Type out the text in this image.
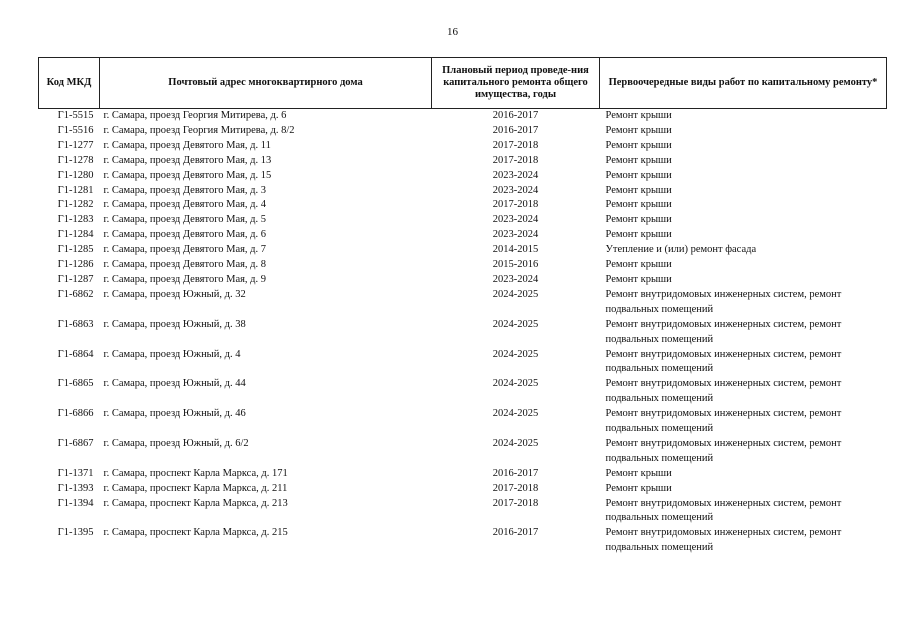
16
Код МКД	Почтовый адрес многоквартирного дома	Плановый период проведе-ния капитального ремонта общего имущества, годы	Первоочередные виды работ по капитальному ремонту*
Г1-5515	г. Самара, проезд Георгия Митирева, д. 6	2016-2017	Ремонт крыши
Г1-5516	г. Самара, проезд Георгия Митирева, д. 8/2	2016-2017	Ремонт крыши
Г1-1277	г. Самара, проезд Девятого Мая, д. 11	2017-2018	Ремонт крыши
Г1-1278	г. Самара, проезд Девятого Мая, д. 13	2017-2018	Ремонт крыши
Г1-1280	г. Самара, проезд Девятого Мая, д. 15	2023-2024	Ремонт крыши
Г1-1281	г. Самара, проезд Девятого Мая, д. 3	2023-2024	Ремонт крыши
Г1-1282	г. Самара, проезд Девятого Мая, д. 4	2017-2018	Ремонт крыши
Г1-1283	г. Самара, проезд Девятого Мая, д. 5	2023-2024	Ремонт крыши
Г1-1284	г. Самара, проезд Девятого Мая, д. 6	2023-2024	Ремонт крыши
Г1-1285	г. Самара, проезд Девятого Мая, д. 7	2014-2015	Утепление и (или) ремонт фасада
Г1-1286	г. Самара, проезд Девятого Мая, д. 8	2015-2016	Ремонт крыши
Г1-1287	г. Самара, проезд Девятого Мая, д. 9	2023-2024	Ремонт крыши
Г1-6862	г. Самара, проезд Южный, д. 32	2024-2025	Ремонт внутридомовых инженерных систем, ремонт подвальных помещений
Г1-6863	г. Самара, проезд Южный, д. 38	2024-2025	Ремонт внутридомовых инженерных систем, ремонт подвальных помещений
Г1-6864	г. Самара, проезд Южный, д. 4	2024-2025	Ремонт внутридомовых инженерных систем, ремонт подвальных помещений
Г1-6865	г. Самара, проезд Южный, д. 44	2024-2025	Ремонт внутридомовых инженерных систем, ремонт подвальных помещений
Г1-6866	г. Самара, проезд Южный, д. 46	2024-2025	Ремонт внутридомовых инженерных систем, ремонт подвальных помещений
Г1-6867	г. Самара, проезд Южный, д. 6/2	2024-2025	Ремонт внутридомовых инженерных систем, ремонт подвальных помещений
Г1-1371	г. Самара, проспект Карла Маркса, д. 171	2016-2017	Ремонт крыши
Г1-1393	г. Самара, проспект Карла Маркса, д. 211	2017-2018	Ремонт крыши
Г1-1394	г. Самара, проспект Карла Маркса, д. 213	2017-2018	Ремонт внутридомовых инженерных систем, ремонт подвальных помещений
Г1-1395	г. Самара, проспект Карла Маркса, д. 215	2016-2017	Ремонт внутридомовых инженерных систем, ремонт подвальных помещений
